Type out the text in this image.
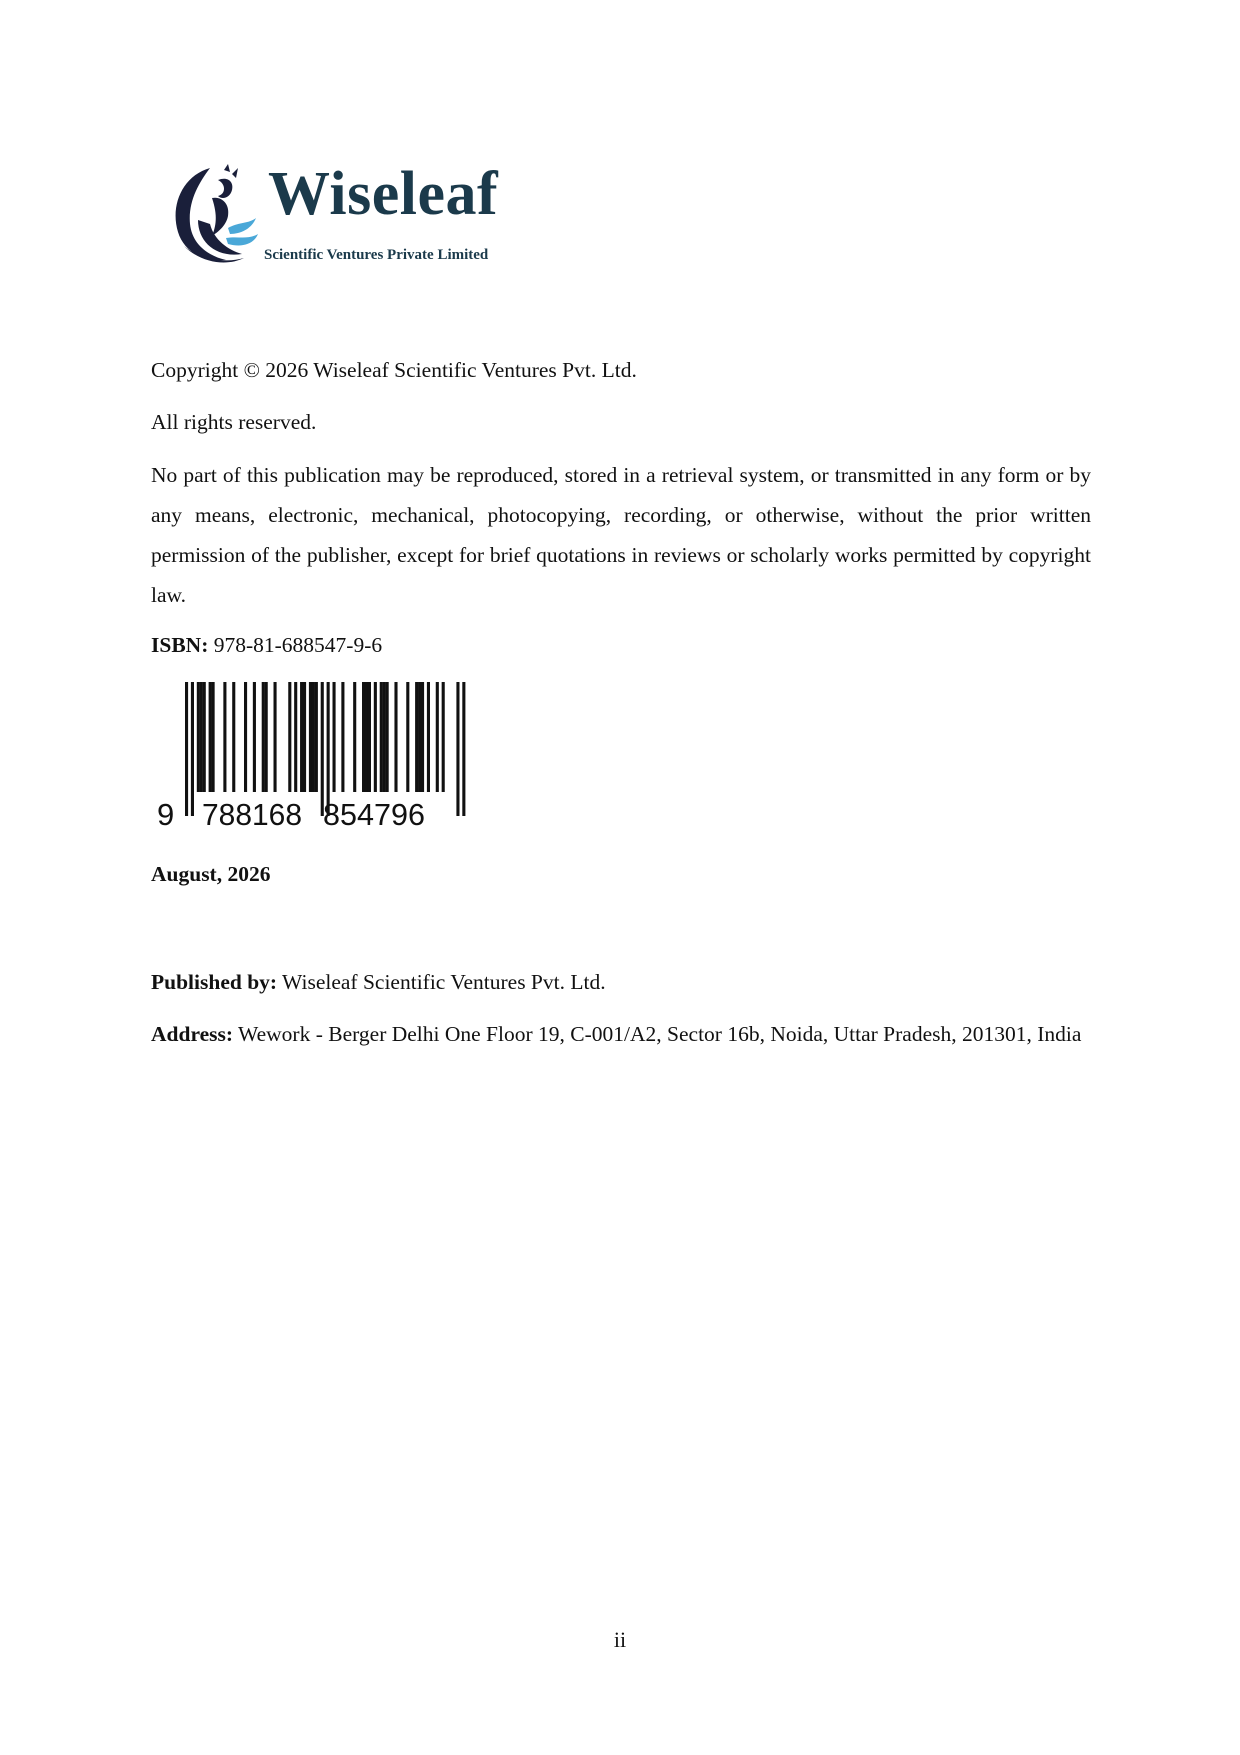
Wiseleaf
Scientific Ventures Private Limited

Copyright © 2026 Wiseleaf Scientific Ventures Pvt. Ltd.

All rights reserved.

No part of this publication may be reproduced, stored in a retrieval system, or transmitted in any form or by any means, electronic, mechanical, photocopying, recording, or otherwise, without the prior written permission of the publisher, except for brief quotations in reviews or scholarly works permitted by copyright law.

ISBN: 978-81-688547-9-6

9 788168 854796

August, 2026

Published by: Wiseleaf Scientific Ventures Pvt. Ltd.

Address: Wework - Berger Delhi One Floor 19, C-001/A2, Sector 16b, Noida, Uttar Pradesh, 201301, India

ii
